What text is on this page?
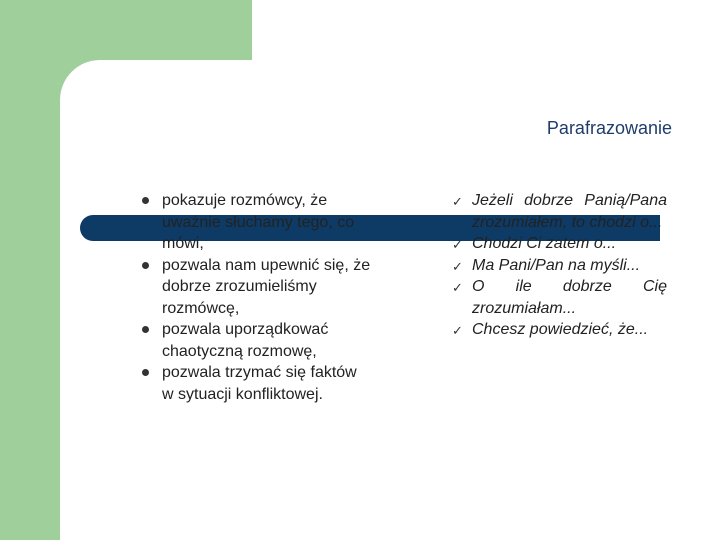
Parafrazowanie
pokazuje rozmówcy, że uważnie słuchamy tego, co mówi,
pozwala nam upewnić się, że dobrze zrozumieliśmy rozmówcę,
pozwala uporządkować chaotyczną rozmowę,
pozwala trzymać się faktów w sytuacji konfliktowej.
✓ Jeżeli dobrze Panią/Pana zrozumiałem, to chodzi o...
✓ Chodzi Ci zatem o...
✓ Ma Pani/Pan na myśli...
✓ O ile dobrze Cię zrozumiałam...
✓ Chcesz powiedzieć, że...
